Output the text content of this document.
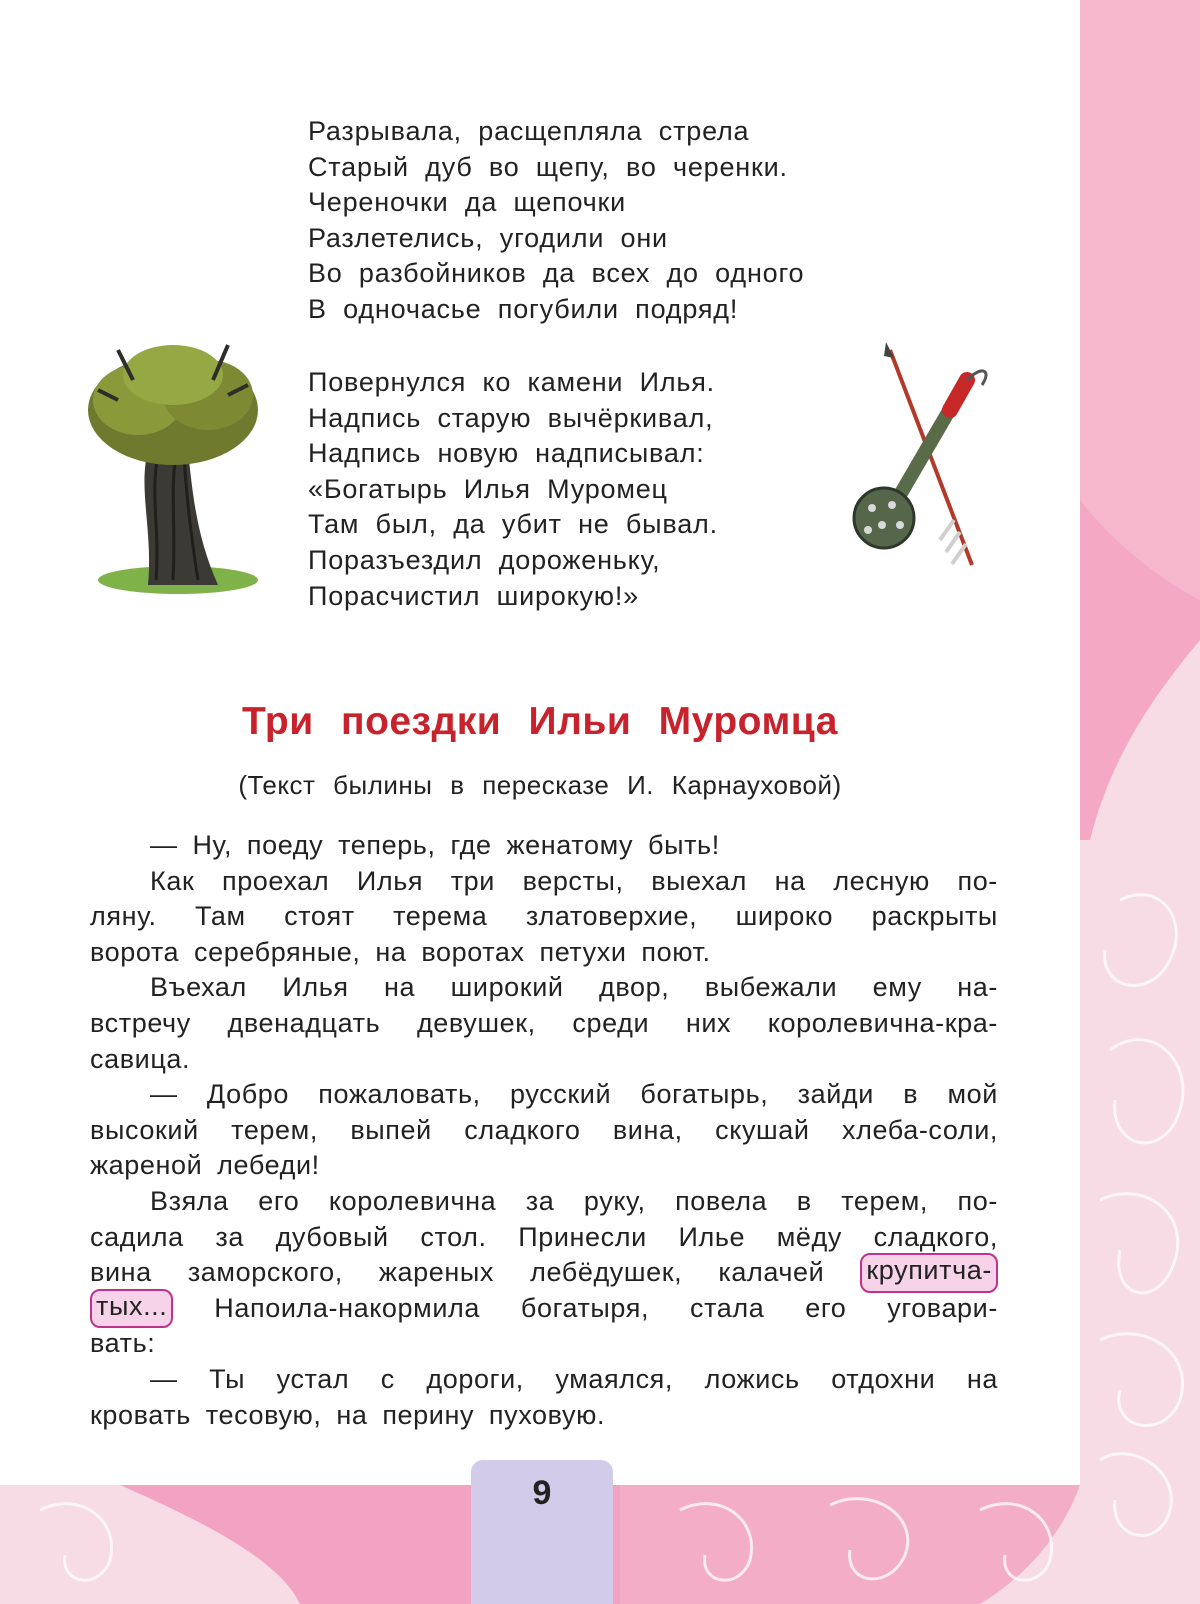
Разрывала, расщепляла стрела
Старый дуб во щепу, во черенки.
Череночки да щепочки
Разлетелись, угодили они
Во разбойников да всех до одного
В одночасье погубили подряд!
Повернулся ко камени Илья.
Надпись старую вычёркивал,
Надпись новую надписывал:
«Богатырь Илья Муромец
Там был, да убит не бывал.
Поразъездил дороженьку,
Порасчистил широкую!»
Три поездки Ильи Муромца
(Текст былины в пересказе И. Карнауховой)
— Ну, поеду теперь, где женатому быть!
Как проехал Илья три версты, выехал на лесную по-
ляну. Там стоят терема златоверхие, широко раскрыты
ворота серебряные, на воротах петухи поют.
Въехал Илья на широкий двор, выбежали ему на-
встречу двенадцать девушек, среди них королевична-кра-
савица.
— Добро пожаловать, русский богатырь, зайди в мой
высокий терем, выпей сладкого вина, скушай хлеба-соли,
жареной лебеди!
Взяла его королевична за руку, повела в терем, по-
садила за дубовый стол. Принесли Илье мёду сладкого,
вина заморского, жареных лебёдушек, калачей крупитча-
тых... Напоила-накормила богатыря, стала его уговари-
вать:
— Ты устал с дороги, умаялся, ложись отдохни на
кровать тесовую, на перину пуховую.
9
